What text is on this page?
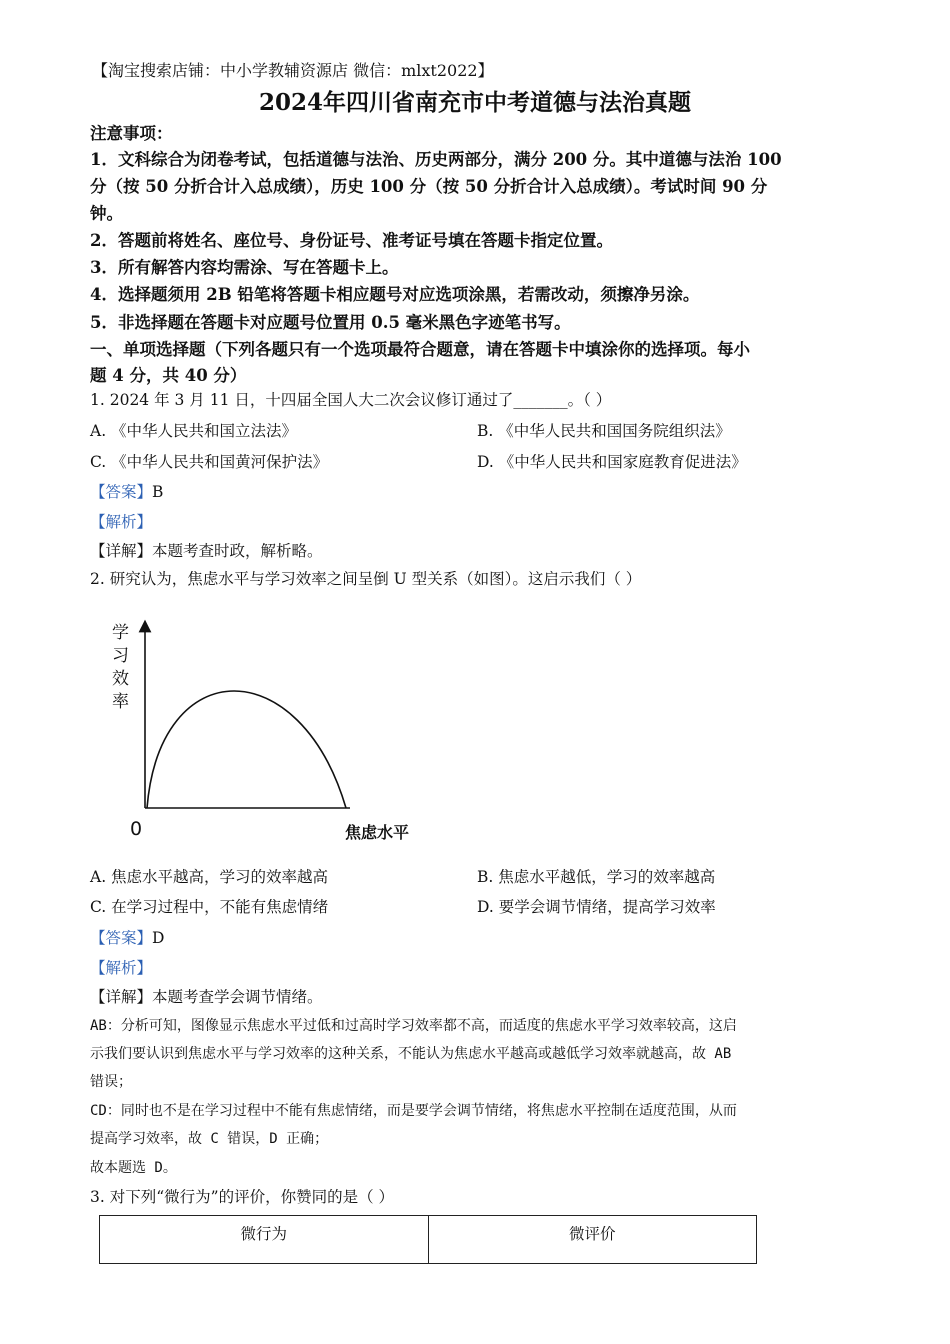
【淘宝搜索店铺：中小学教辅资源店 微信：mlxt2022】
2024年四川省南充市中考道德与法治真题
注意事项：
1．文科综合为闭卷考试，包括道德与法治、历史两部分，满分 200 分。其中道德与法治 100
分（按 50 分折合计入总成绩），历史 100 分（按 50 分折合计入总成绩）。考试时间 90 分
钟。
2．答题前将姓名、座位号、身份证号、准考证号填在答题卡指定位置。
3．所有解答内容均需涂、写在答题卡上。
4．选择题须用 2B 铅笔将答题卡相应题号对应选项涂黑，若需改动，须擦净另涂。
5．非选择题在答题卡对应题号位置用 0.5 毫米黑色字迹笔书写。
一、单项选择题（下列各题只有一个选项最符合题意，请在答题卡中填涂你的选择项。每小
题 4 分，共 40 分）
1. 2024 年 3 月 11 日，十四届全国人大二次会议修订通过了_______。（ ）
A. 《中华人民共和国立法法》	B. 《中华人民共和国国务院组织法》
C. 《中华人民共和国黄河保护法》	D. 《中华人民共和国家庭教育促进法》
【答案】B
【解析】
【详解】本题考查时政，解析略。
2. 研究认为，焦虑水平与学习效率之间呈倒 U 型关系（如图）。这启示我们（ ）
学习效率
0	焦虑水平
A. 焦虑水平越高，学习的效率越高	B. 焦虑水平越低，学习的效率越高
C. 在学习过程中，不能有焦虑情绪	D. 要学会调节情绪，提高学习效率
【答案】D
【解析】
【详解】本题考查学会调节情绪。
AB：分析可知，图像显示焦虑水平过低和过高时学习效率都不高，而适度的焦虑水平学习效率较高，这启
示我们要认识到焦虑水平与学习效率的这种关系，不能认为焦虑水平越高或越低学习效率就越高，故 AB
错误；
CD：同时也不是在学习过程中不能有焦虑情绪，而是要学会调节情绪，将焦虑水平控制在适度范围，从而
提高学习效率，故 C 错误，D 正确；
故本题选 D。
3. 对下列“微行为”的评价，你赞同的是（ ）
微行为	微评价
